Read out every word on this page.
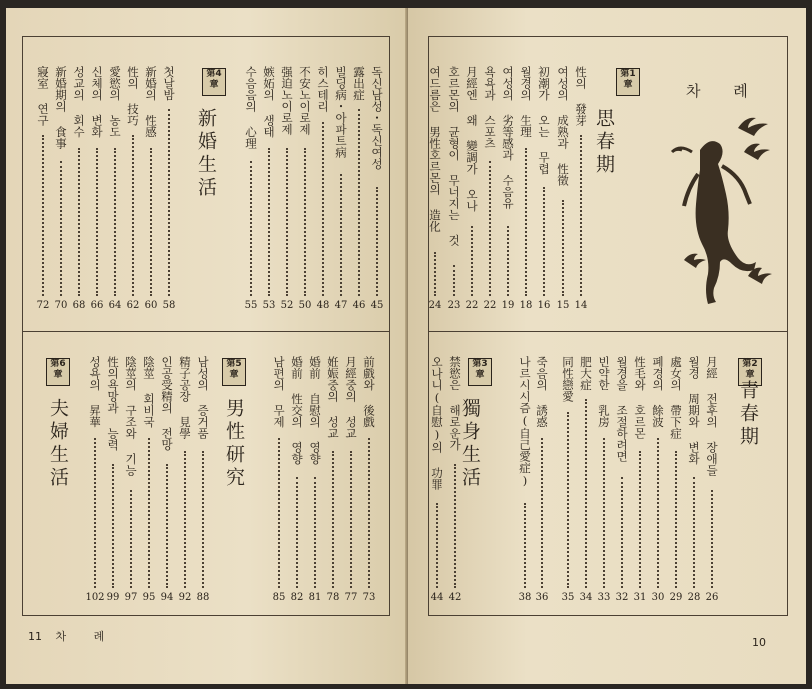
11 차 례
第4章
新婚生活
第5章
男性研究
第6章
夫婦生活
독신남성・독신여성
45
露出症
46
빌딩病・아파트病
47
히스테리
48
不安노이로제
50
强迫노이로제
52
嫉妬의 생태
53
수음음의 心理
55
첫날밤
58
新婚의 性感
60
性의 技巧
62
愛慾의 농도
64
신체의 변화
66
성교의 회수
68
新婚期의 食事
70
寢室 연구
72
前戲와 後戲
73
月經중의 성교
77
姙娠중의 성교
78
婚前 自慰의 영향
81
婚前 性交의 영향
82
남편의 무제
85
남성의 증거품
88
精子공장 見學
92
인공受精의 전망
94
陰莖 회비국
95
陰莖의 구조와 기능
97
性의욕망과 능력
99
성욕의 昇華
102
차 례
10
第1章
思春期
第2章
青春期
第3章
獨身生活
性의 發芽
14
여성의 成熟과 性徵
15
初潮가 오는 무렵
16
월경의 生理
18
여성의 劣等感과 수음유
19
욕욕과 스포츠
22
月經엔 왜 變調가 오나
22
호르몬의 균형이 무너지는 것
23
여드름은 男性호르몬의 造化
24
月經 전후의 장애들
26
월경 周期와 변화
28
處女의 帶下症
29
폐경의 餘波
30
性毛와 호르몬
31
월경을 조절하려면
32
빈약한 乳房
33
肥大症
34
同性戀愛
35
죽음의 誘惑
36
나르시시즘(自己愛症)
38
禁慾은 해로운가
42
오나니(自慰)의 功罪
44
